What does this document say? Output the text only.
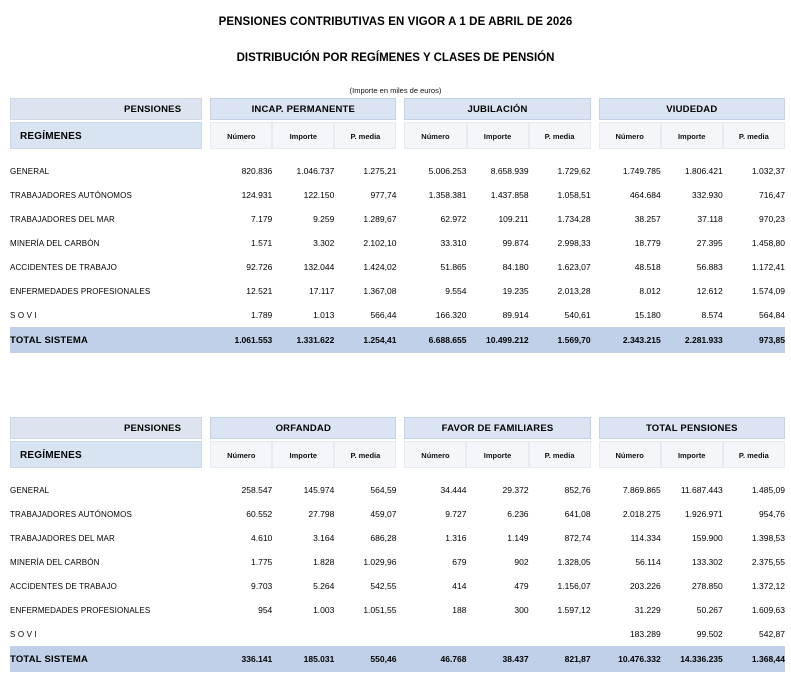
PENSIONES CONTRIBUTIVAS EN VIGOR A 1 DE ABRIL DE 2026
DISTRIBUCIÓN POR REGÍMENES Y CLASES DE PENSIÓN
(Importe en miles de euros)
PENSIONES		INCAP. PERMANENTE				JUBILACIÓN				VIUDEDAD		

REGÍMENES		Número	Importe	P. media		Número	Importe	P. media		Número	Importe	P. media

GENERAL		820.836	1.046.737	1.275,21		5.006.253	8.658.939	1.729,62		1.749.785	1.806.421	1.032,37
TRABAJADORES AUTÓNOMOS		124.931	122.150	977,74		1.358.381	1.437.858	1.058,51		464.684	332.930	716,47
TRABAJADORES DEL MAR		7.179	9.259	1.289,67		62.972	109.211	1.734,28		38.257	37.118	970,23
MINERÍA DEL CARBÓN		1.571	3.302	2.102,10		33.310	99.874	2.998,33		18.779	27.395	1.458,80
ACCIDENTES DE TRABAJO		92.726	132.044	1.424,02		51.865	84.180	1.623,07		48.518	56.883	1.172,41
ENFERMEDADES PROFESIONALES		12.521	17.117	1.367,08		9.554	19.235	2.013,28		8.012	12.612	1.574,09
S O V I		1.789	1.013	566,44		166.320	89.914	540,61		15.180	8.574	564,84
TOTAL SISTEMA		1.061.553	1.331.622	1.254,41		6.688.655	10.499.212	1.569,70		2.343.215	2.281.933	973,85
PENSIONES		ORFANDAD				FAVOR DE FAMILIARES				TOTAL PENSIONES		

REGÍMENES		Número	Importe	P. media		Número	Importe	P. media		Número	Importe	P. media

GENERAL		258.547	145.974	564,59		34.444	29.372	852,76		7.869.865	11.687.443	1.485,09
TRABAJADORES AUTÓNOMOS		60.552	27.798	459,07		9.727	6.236	641,08		2.018.275	1.926.971	954,76
TRABAJADORES DEL MAR		4.610	3.164	686,28		1.316	1.149	872,74		114.334	159.900	1.398,53
MINERÍA DEL CARBÓN		1.775	1.828	1.029,96		679	902	1.328,05		56.114	133.302	2.375,55
ACCIDENTES DE TRABAJO		9.703	5.264	542,55		414	479	1.156,07		203.226	278.850	1.372,12
ENFERMEDADES PROFESIONALES		954	1.003	1.051,55		188	300	1.597,12		31.229	50.267	1.609,63
S O V I										183.289	99.502	542,87
TOTAL SISTEMA		336.141	185.031	550,46		46.768	38.437	821,87		10.476.332	14.336.235	1.368,44
